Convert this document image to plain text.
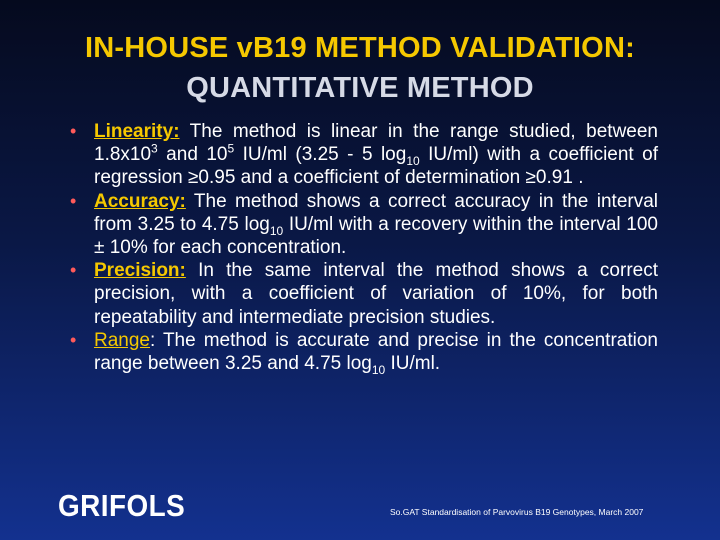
IN-HOUSE vB19 METHOD VALIDATION:
QUANTITATIVE METHOD
• Linearity: The method is linear in the range studied, between $1.8x10^3$ and $10^5$ IU/ml (3.25 - 5 $\log_{10} IU/ml$) with a coefficient of regression ≥0.95 and a coefficient of determination ≥0.91 .
• Accuracy: The method shows a correct accuracy in the interval from 3.25 to 4.75 $\log_{10} IU/ml$ with a recovery within the interval 100 ± 10% for each concentration.
• Precision: In the same interval the method shows a correct precision, with a coefficient of variation of 10%, for both repeatability and intermediate precision studies.
• Range: The method is accurate and precise in the concentration range between 3.25 and 4.75 $\log_{10} IU/ml$.
GRIFOLS	So.GAT Standardisation of Parvovirus B19 Genotypes, March 2007
